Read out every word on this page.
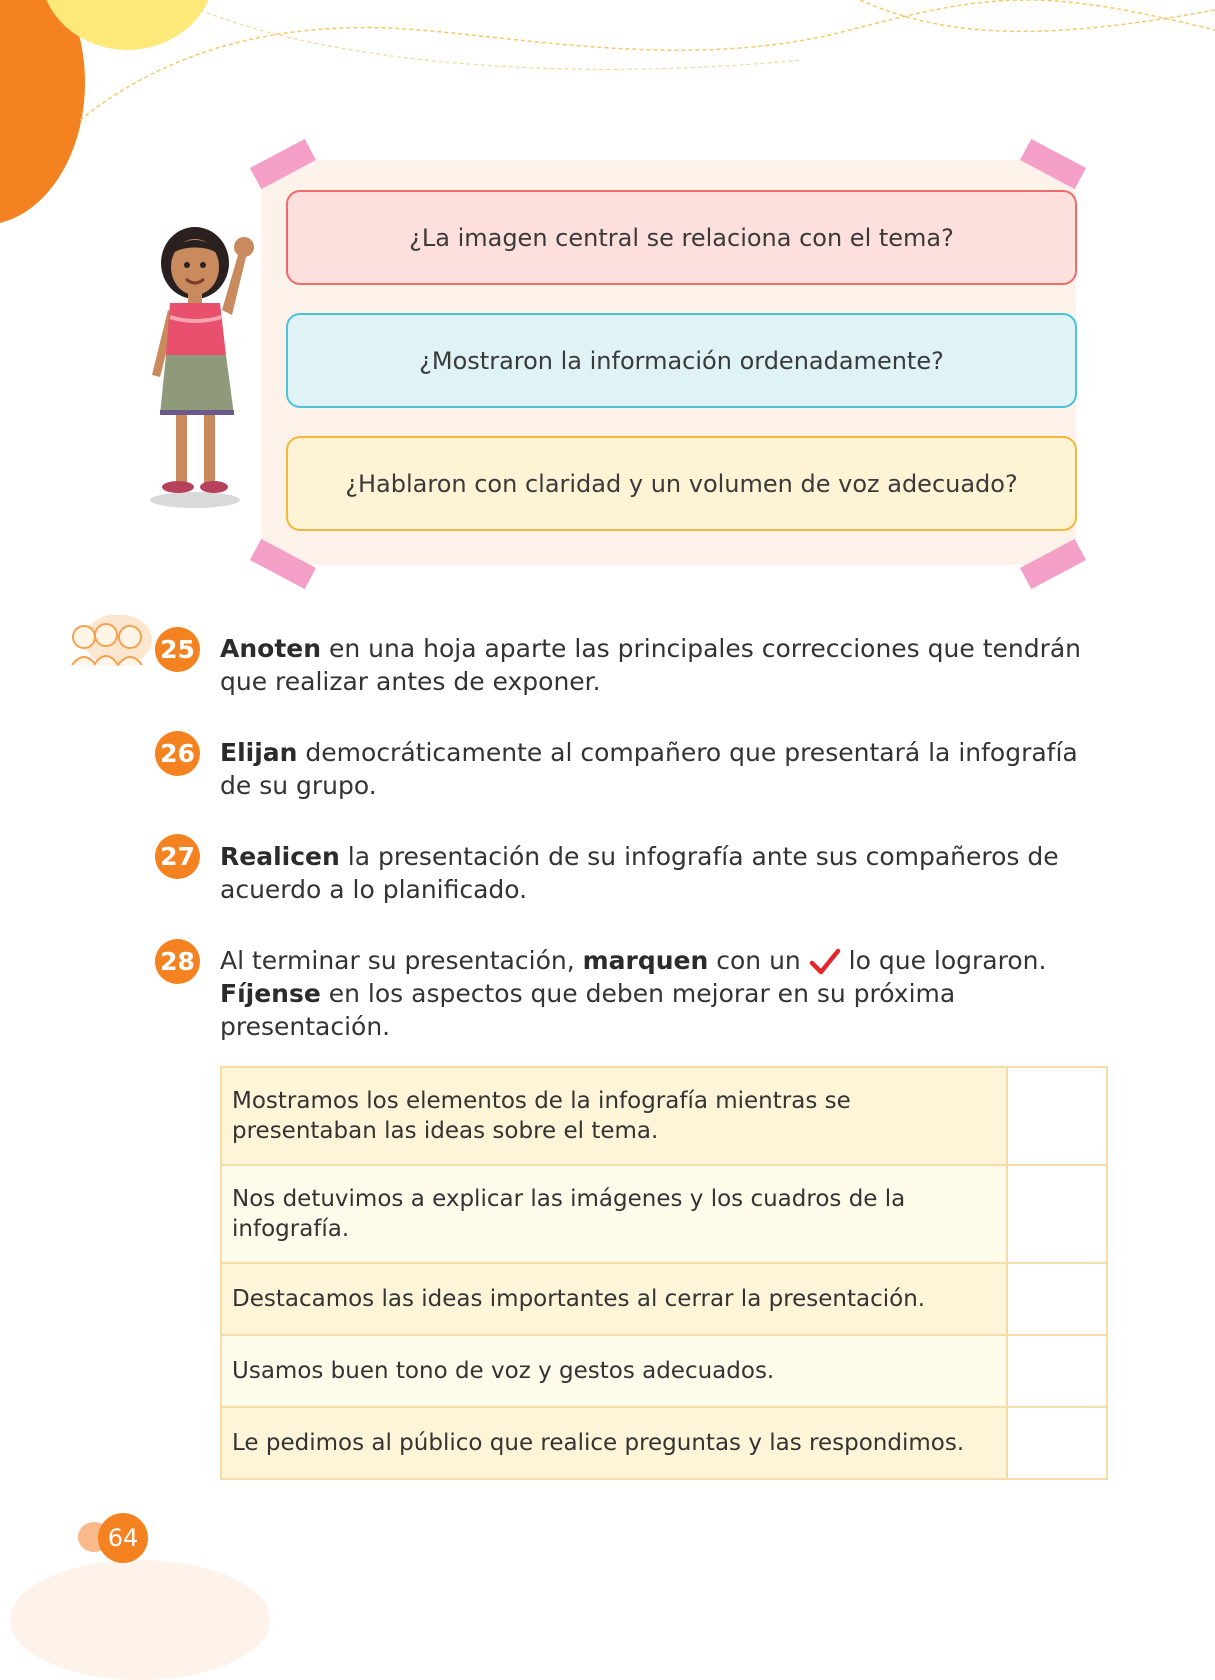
¿La imagen central se relaciona con el tema?
¿Mostraron la información ordenadamente?
¿Hablaron con claridad y un volumen de voz adecuado?
25 Anoten en una hoja aparte las principales correcciones que tendrán que realizar antes de exponer.
26 Elijan democráticamente al compañero que presentará la infografía de su grupo.
27 Realicen la presentación de su infografía ante sus compañeros de acuerdo a lo planificado.
28 Al terminar su presentación, marquen con un  lo que lograron.
Fíjense en los aspectos que deben mejorar en su próxima presentación.
Mostramos los elementos de la infografía mientras se presentaban las ideas sobre el tema.	
Nos detuvimos a explicar las imágenes y los cuadros de la infografía.	
Destacamos las ideas importantes al cerrar la presentación.	
Usamos buen tono de voz y gestos adecuados.	
Le pedimos al público que realice preguntas y las respondimos.	
64
